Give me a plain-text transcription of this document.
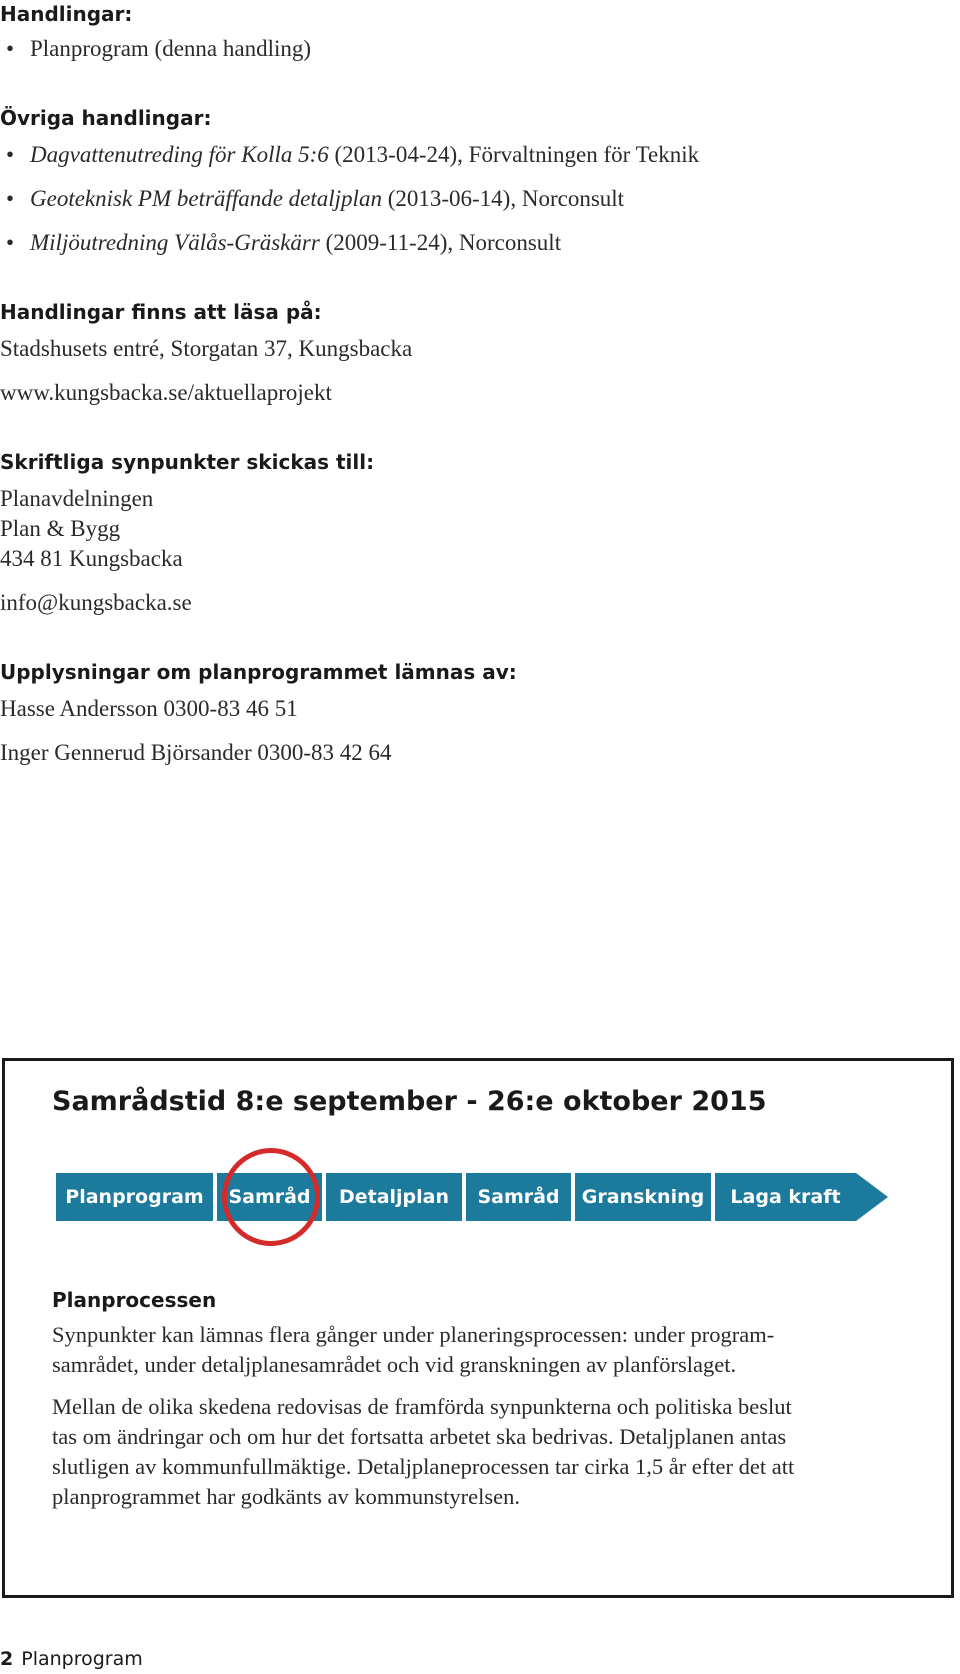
Handlingar:
• Planprogram (denna handling)
Övriga handlingar:
• Dagvattenutreding för Kolla 5:6 (2013-04-24), Förvaltningen för Teknik
• Geoteknisk PM beträffande detaljplan (2013-06-14), Norconsult
• Miljöutredning Välås-Gräskärr (2009-11-24), Norconsult
Handlingar finns att läsa på:
Stadshusets entré, Storgatan 37, Kungsbacka
www.kungsbacka.se/aktuellaprojekt
Skriftliga synpunkter skickas till:
Planavdelningen
Plan & Bygg
434 81 Kungsbacka
info@kungsbacka.se
Upplysningar om planprogrammet lämnas av:
Hasse Andersson 0300-83 46 51
Inger Gennerud Björsander 0300-83 42 64
Samrådstid 8:e september - 26:e oktober 2015
Planprogram	Samråd	Detaljplan	Samråd	Granskning	Laga kraft
Planprocessen
Synpunkter kan lämnas flera gånger under planeringsprocessen: under program-
samrådet, under detaljplanesamrådet och vid granskningen av planförslaget.
Mellan de olika skedena redovisas de framförda synpunkterna och politiska beslut
tas om ändringar och om hur det fortsatta arbetet ska bedrivas. Detaljplanen antas
slutligen av kommunfullmäktige. Detaljplaneprocessen tar cirka 1,5 år efter det att
planprogrammet har godkänts av kommunstyrelsen.
2 Planprogram
